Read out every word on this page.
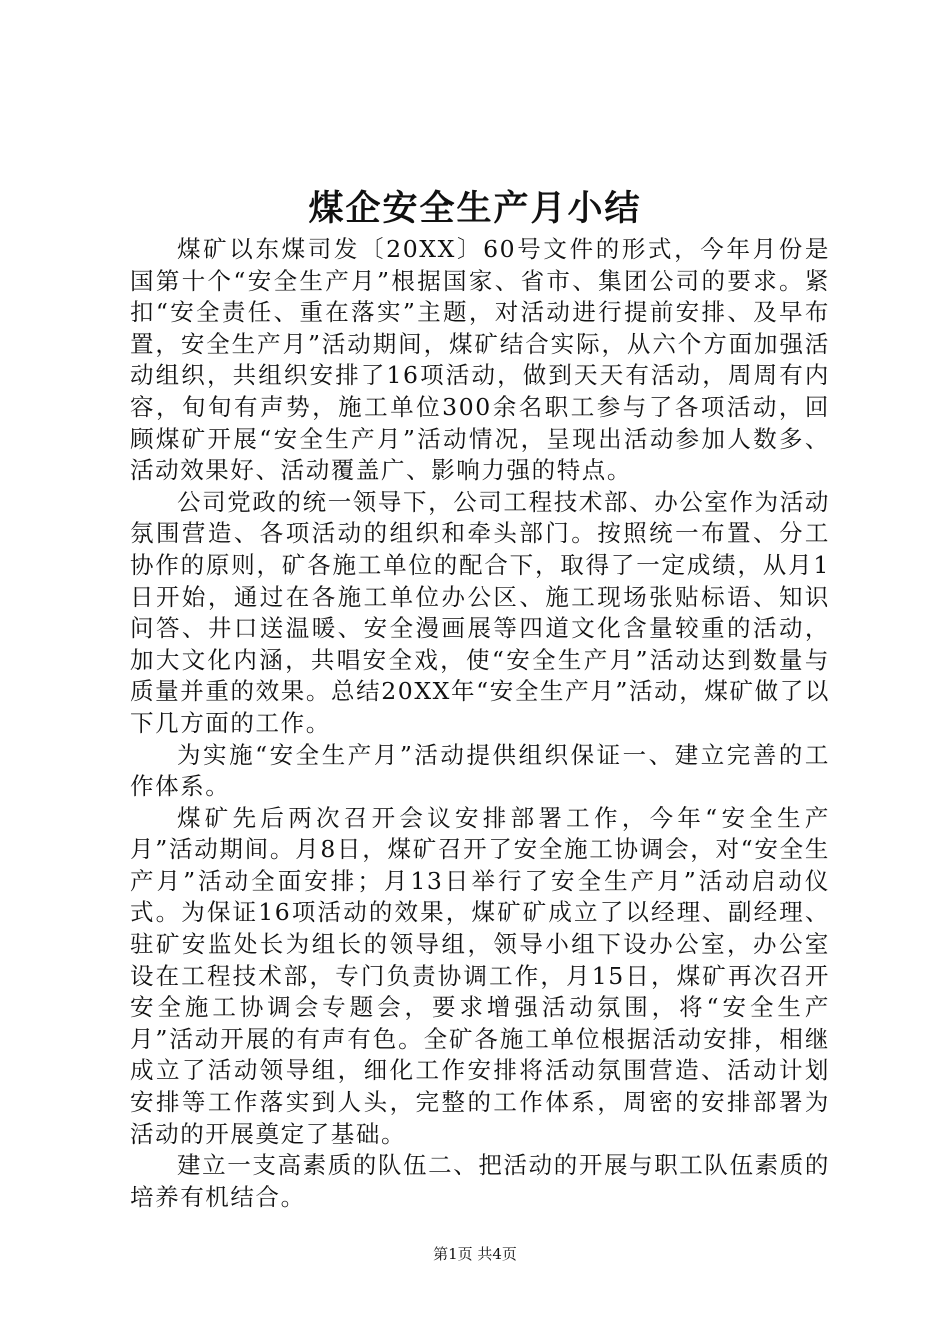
煤企安全生产月小结

煤矿以东煤司发〔20XX〕60号文件的形式，今年月份是国第十个“安全生产月”根据国家、省市、集团公司的要求。紧扣“安全责任、重在落实”主题，对活动进行提前安排、及早布置，安全生产月”活动期间，煤矿结合实际，从六个方面加强活动组织，共组织安排了16项活动，做到天天有活动，周周有内容，旬旬有声势，施工单位300余名职工参与了各项活动，回顾煤矿开展“安全生产月”活动情况，呈现出活动参加人数多、活动效果好、活动覆盖广、影响力强的特点。

公司党政的统一领导下，公司工程技术部、办公室作为活动氛围营造、各项活动的组织和牵头部门。按照统一布置、分工协作的原则，矿各施工单位的配合下，取得了一定成绩，从月1日开始，通过在各施工单位办公区、施工现场张贴标语、知识问答、井口送温暖、安全漫画展等四道文化含量较重的活动，加大文化内涵，共唱安全戏，使“安全生产月”活动达到数量与质量并重的效果。总结20XX年“安全生产月”活动，煤矿做了以下几方面的工作。

为实施“安全生产月”活动提供组织保证一、建立完善的工作体系。

煤矿先后两次召开会议安排部署工作，今年“安全生产月”活动期间。月8日，煤矿召开了安全施工协调会，对“安全生产月”活动全面安排；月13日举行了安全生产月”活动启动仪式。为保证16项活动的效果，煤矿矿成立了以经理、副经理、驻矿安监处长为组长的领导组，领导小组下设办公室，办公室设在工程技术部，专门负责协调工作，月15日，煤矿再次召开安全施工协调会专题会，要求增强活动氛围，将“安全生产月”活动开展的有声有色。全矿各施工单位根据活动安排，相继成立了活动领导组，细化工作安排将活动氛围营造、活动计划安排等工作落实到人头，完整的工作体系，周密的安排部署为活动的开展奠定了基础。

建立一支高素质的队伍二、把活动的开展与职工队伍素质的培养有机结合。

第1页 共4页
